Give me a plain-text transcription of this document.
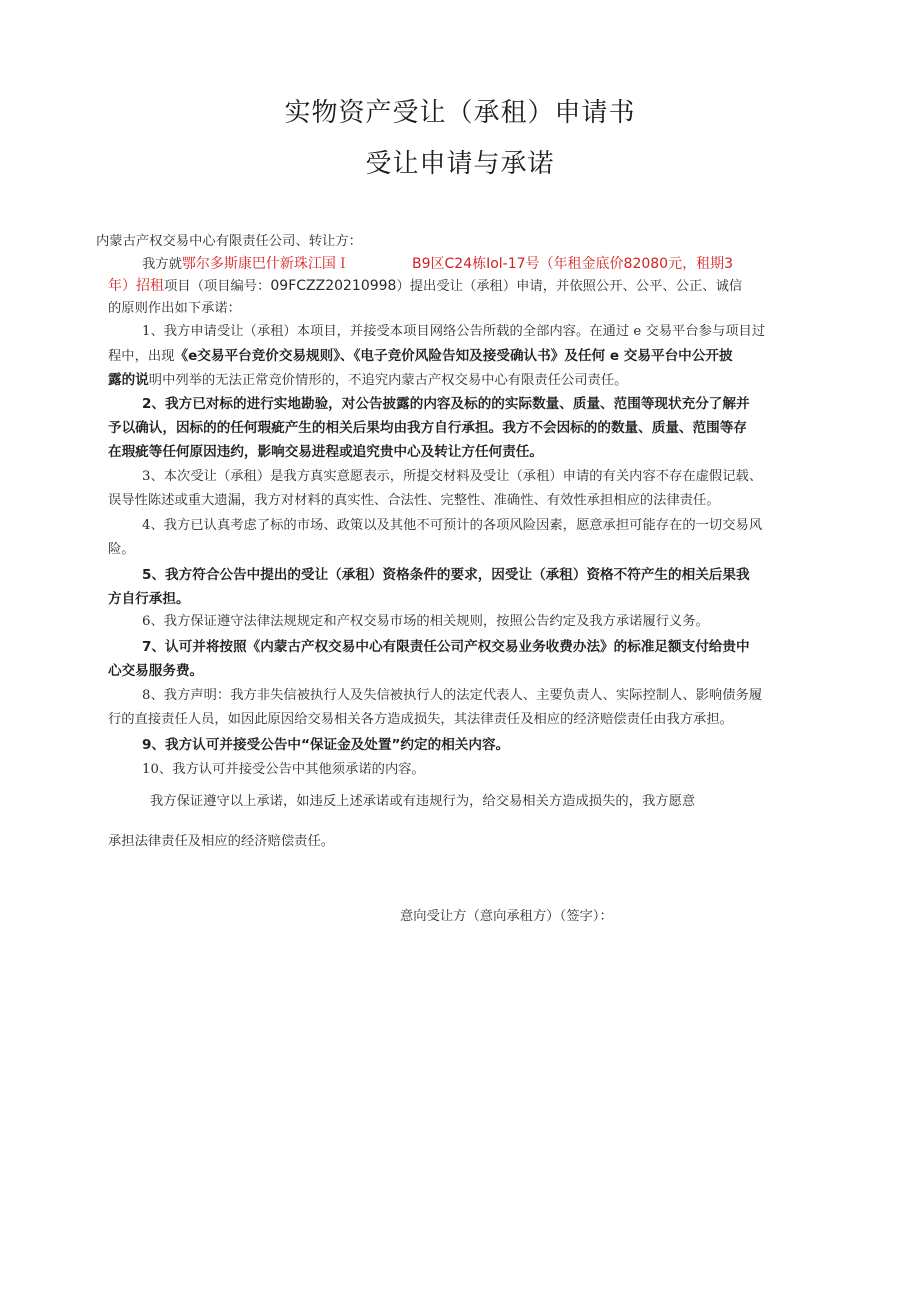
实物资产受让（承租）申请书
受让申请与承诺
内蒙古产权交易中心有限责任公司、转让方：
我方就鄂尔多斯康巴什新珠江国Ｉ	B9区C24栋Iol-17号（年租金底价82080元，租期3
年）招租项目（项目编号：09FCZZ20210998）提出受让（承租）申请，并依照公开、公平、公正、诚信
的原则作出如下承诺：
1、我方申请受让（承租）本项目，并接受本项目网络公告所载的全部内容。在通过 e 交易平台参与项目过
程中，出现《e交易平台竞价交易规则》、《电子竞价风险告知及接受确认书》及任何 e 交易平台中公开披
露的说明中列举的无法正常竞价情形的，不追究内蒙古产权交易中心有限责任公司责任。
2、我方已对标的进行实地勘验，对公告披露的内容及标的的实际数量、质量、范围等现状充分了解并
予以确认，因标的的任何瑕疵产生的相关后果均由我方自行承担。我方不会因标的的数量、质量、范围等存
在瑕疵等任何原因违约，影响交易进程或追究贵中心及转让方任何责任。
3、本次受让（承租）是我方真实意愿表示，所提交材料及受让（承租）申请的有关内容不存在虚假记载、
误导性陈述或重大遗漏，我方对材料的真实性、合法性、完整性、准确性、有效性承担相应的法律责任。
4、我方已认真考虑了标的市场、政策以及其他不可预计的各项风险因素，愿意承担可能存在的一切交易风
险。
5、我方符合公告中提出的受让（承租）资格条件的要求，因受让（承租）资格不符产生的相关后果我
方自行承担。
6、我方保证遵守法律法规规定和产权交易市场的相关规则，按照公告约定及我方承诺履行义务。
7、认可并将按照《内蒙古产权交易中心有限责任公司产权交易业务收费办法》的标准足额支付给贵中
心交易服务费。
8、我方声明：我方非失信被执行人及失信被执行人的法定代表人、主要负责人、实际控制人、影响债务履
行的直接责任人员，如因此原因给交易相关各方造成损失，其法律责任及相应的经济赔偿责任由我方承担。
9、我方认可并接受公告中“保证金及处置”约定的相关内容。
10、我方认可并接受公告中其他须承诺的内容。
我方保证遵守以上承诺，如违反上述承诺或有违规行为，给交易相关方造成损失的，我方愿意
承担法律责任及相应的经济赔偿责任。
意向受让方（意向承租方）（签字）：
